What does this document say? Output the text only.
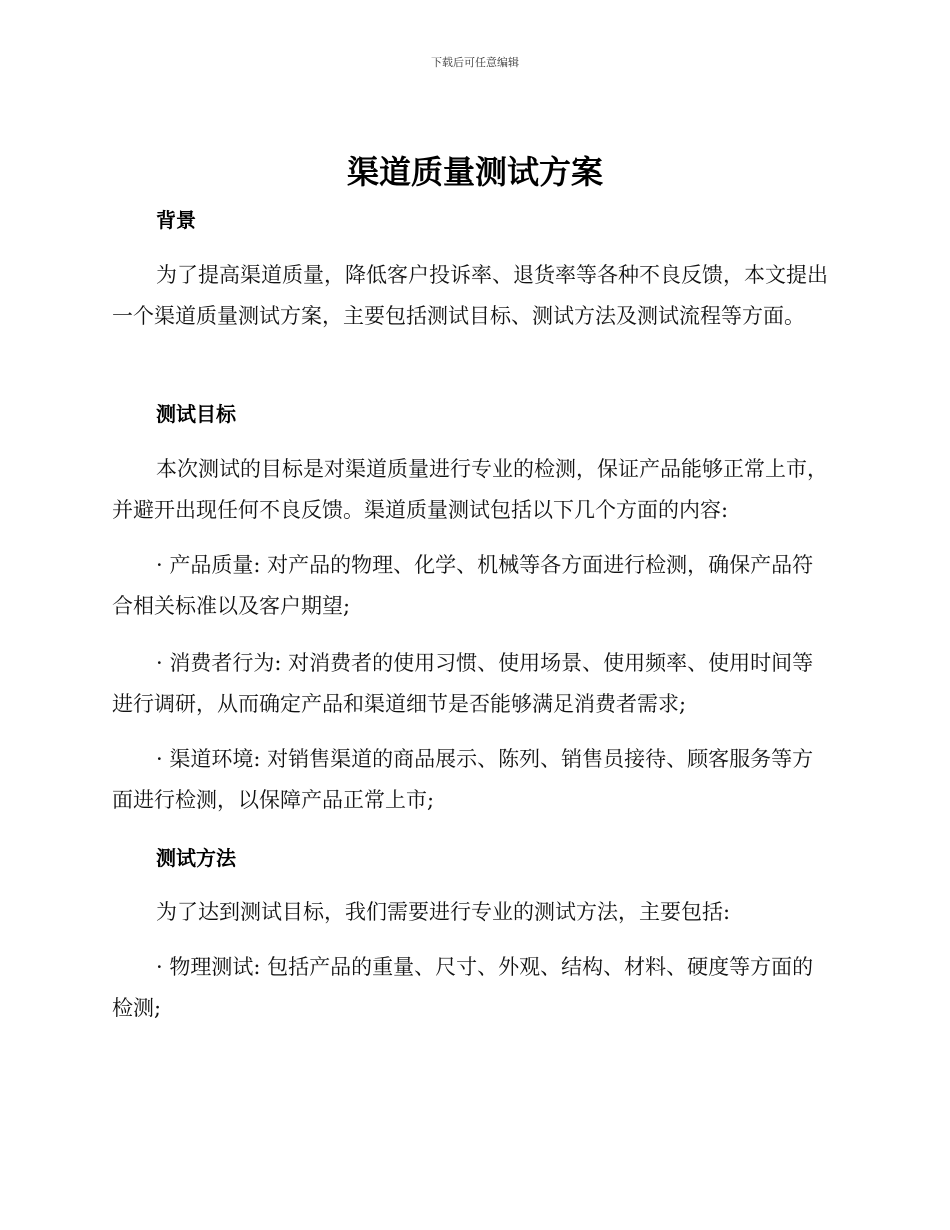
下载后可任意编辑
渠道质量测试方案
背景

为了提高渠道质量，降低客户投诉率、退货率等各种不良反馈，本文提出一个渠道质量测试方案，主要包括测试目标、测试方法及测试流程等方面。

测试目标

本次测试的目标是对渠道质量进行专业的检测，保证产品能够正常上市，并避开出现任何不良反馈。渠道质量测试包括以下几个方面的内容:

· 产品质量: 对产品的物理、化学、机械等各方面进行检测，确保产品符合相关标准以及客户期望;

· 消费者行为: 对消费者的使用习惯、使用场景、使用频率、使用时间等进行调研，从而确定产品和渠道细节是否能够满足消费者需求;

· 渠道环境: 对销售渠道的商品展示、陈列、销售员接待、顾客服务等方面进行检测，以保障产品正常上市;

测试方法

为了达到测试目标，我们需要进行专业的测试方法，主要包括:

· 物理测试: 包括产品的重量、尺寸、外观、结构、材料、硬度等方面的检测;
